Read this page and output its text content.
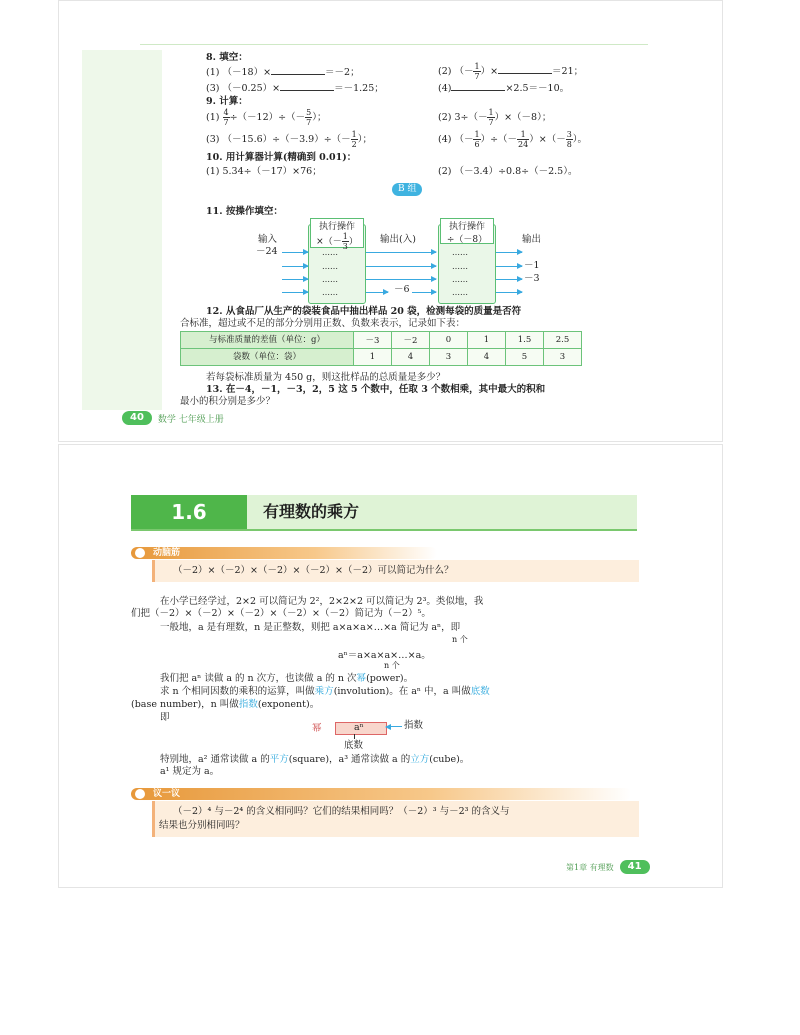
8. 填空：
(1) （－18）×	＝－2；	(2) （－ $\frac{1}{7}$ ）×	＝21；
(3) （－0.25）×	＝－1.25；	(4)	×2.5＝－10。
9. 计算：
$(1) \frac{4}{7} \div(-12)\div(- \frac{5}{7}$ ）；	(2) $3\div(- \frac{1}{7} )\times(-8)$；
(3) $(-15.6)\div(-3.9)\div(- \frac{1}{2}$ ）；	(4) （－ $\frac{1}{6}$ ）÷（－ $\frac{1}{24}$ ）×（－ $\frac{3}{8}$ ）。
10. 用计算器计算(精确到 0.01)：
(1) 5.34÷（－17）×76；	(2) （－3.4）÷0.8÷（－2.5）。
B 组
11. 按操作填空：
执行操作
×（－ $\frac{1}{3}$ ）
执行操作
÷（－8）
输入	输出(入)	输出
－24
－6
－1
－3
……
……
……
……
……
……
……
……
12. 从食品厂从生产的袋装食品中抽出样品 20 袋，检测每袋的质量是否符
合标准，超过或不足的部分分别用正数、负数来表示，记录如下表：
与标准质量的差值（单位：g）	－3	－2	0	1	1.5	2.5
袋数（单位：袋）	1	4	3	4	5	3
若每袋标准质量为 450 g，则这批样品的总质量是多少？
13. 在－4，－1，－3，2，5 这 5 个数中，任取 3 个数相乘，其中最大的积和
最小的积分别是多少？
40	数学 七年级上册
1.6	有理数的乘方
动脑筋
（－2）×（－2）×（－2）×（－2）×（－2）可以简记为什么？
在小学已经学过，2×2 可以简记为 2²，2×2×2 可以简记为 2³。类似地，我
们把（－2）×（－2）×（－2）×（－2）×（－2）简记为（－2）⁵。
一般地，a 是有理数，n 是正整数，则把 a×a×a×…×a 简记为 aⁿ，即
n 个
aⁿ＝a×a×a×…×a。
n 个
我们把 aⁿ 读做 a 的 n 次方，也读做 a 的 n 次幂(power)。
求 n 个相同因数的乘积的运算，叫做乘方(involution)。在 aⁿ 中，a 叫做底数
(base number)，n 叫做指数(exponent)。
即
幂	aⁿ	指数
底数
特别地，a² 通常读做 a 的平方(square)，a³ 通常读做 a 的立方(cube)。
a¹ 规定为 a。
议一议
（－2）⁴ 与－2⁴ 的含义相同吗？它们的结果相同吗？（－2）³ 与－2³ 的含义与
结果也分别相同吗？
第1章 有理数	41
